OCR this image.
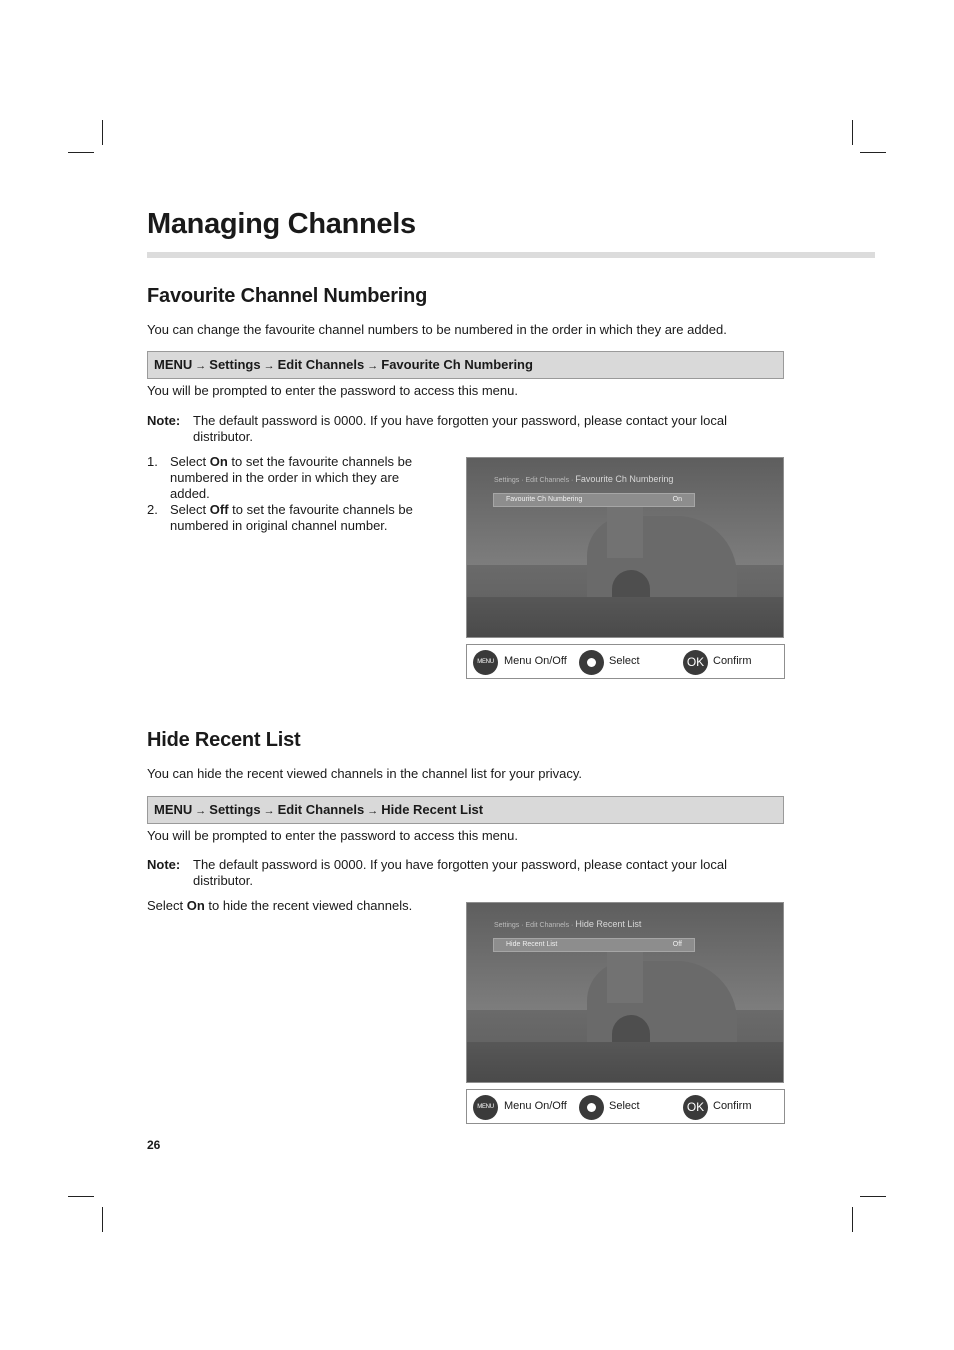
Managing Channels
Favourite Channel Numbering

You can change the favourite channel numbers to be numbered in the order in which they are added.

MENU → Settings → Edit Channels → Favourite Ch Numbering

You will be prompted to enter the password to access this menu.

Note: The default password is 0000. If you have forgotten your password, please contact your local distributor.
1. Select On to set the favourite channels be numbered in the order in which they are added.
2. Select Off to set the favourite channels be numbered in original channel number.
Settings · Edit Channels · Favourite Ch Numbering
Favourite Ch Numbering	On
MENU Menu On/Off	Select	OK Confirm
Hide Recent List

You can hide the recent viewed channels in the channel list for your privacy.

MENU → Settings → Edit Channels → Hide Recent List

You will be prompted to enter the password to access this menu.

Note: The default password is 0000. If you have forgotten your password, please contact your local distributor.

Select On to hide the recent viewed channels.

Settings · Edit Channels · Hide Recent List
Hide Recent List	Off
MENU Menu On/Off	Select	OK Confirm
26
